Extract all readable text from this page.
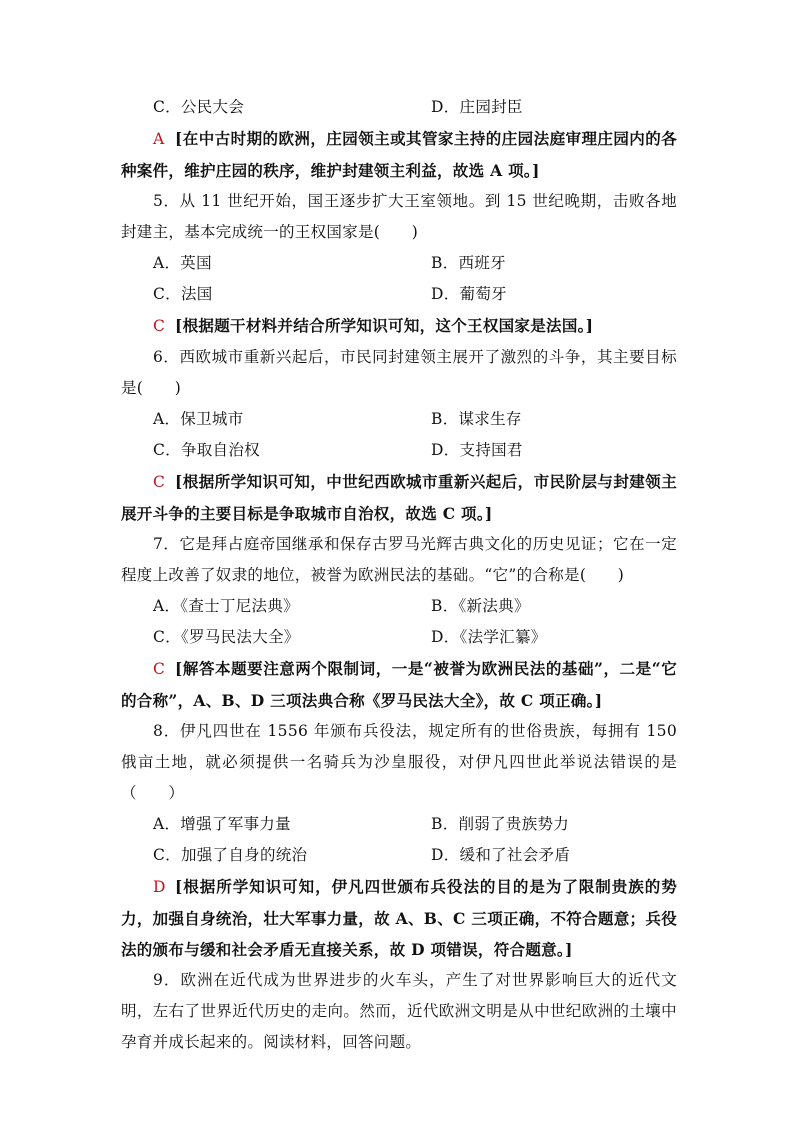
C．公民大会	D．庄园封臣
A [在中古时期的欧洲，庄园领主或其管家主持的庄园法庭审理庄园内的各种案件，维护庄园的秩序，维护封建领主利益，故选 A 项。]
5．从 11 世纪开始，国王逐步扩大王室领地。到 15 世纪晚期，击败各地封建主，基本完成统一的王权国家是(　　)
A．英国	B．西班牙
C．法国	D．葡萄牙
C [根据题干材料并结合所学知识可知，这个王权国家是法国。]
6．西欧城市重新兴起后，市民同封建领主展开了激烈的斗争，其主要目标是(　　)
A．保卫城市	B．谋求生存
C．争取自治权	D．支持国君
C [根据所学知识可知，中世纪西欧城市重新兴起后，市民阶层与封建领主展开斗争的主要目标是争取城市自治权，故选 C 项。]
7．它是拜占庭帝国继承和保存古罗马光辉古典文化的历史见证；它在一定程度上改善了奴隶的地位，被誉为欧洲民法的基础。“它”的合称是(　　)
A．《查士丁尼法典》	B．《新法典》
C．《罗马民法大全》	D．《法学汇纂》
C [解答本题要注意两个限制词，一是“被誉为欧洲民法的基础”，二是“它的合称”，A、B、D 三项法典合称《罗马民法大全》，故 C 项正确。]
8．伊凡四世在 1556 年颁布兵役法，规定所有的世俗贵族，每拥有 150 俄亩土地，就必须提供一名骑兵为沙皇服役，对伊凡四世此举说法错误的是（　　）
A．增强了军事力量	B．削弱了贵族势力
C．加强了自身的统治	D．缓和了社会矛盾
D [根据所学知识可知，伊凡四世颁布兵役法的目的是为了限制贵族的势力，加强自身统治，壮大军事力量，故 A、B、C 三项正确，不符合题意；兵役法的颁布与缓和社会矛盾无直接关系，故 D 项错误，符合题意。]
9．欧洲在近代成为世界进步的火车头，产生了对世界影响巨大的近代文明，左右了世界近代历史的走向。然而，近代欧洲文明是从中世纪欧洲的土壤中孕育并成长起来的。阅读材料，回答问题。
